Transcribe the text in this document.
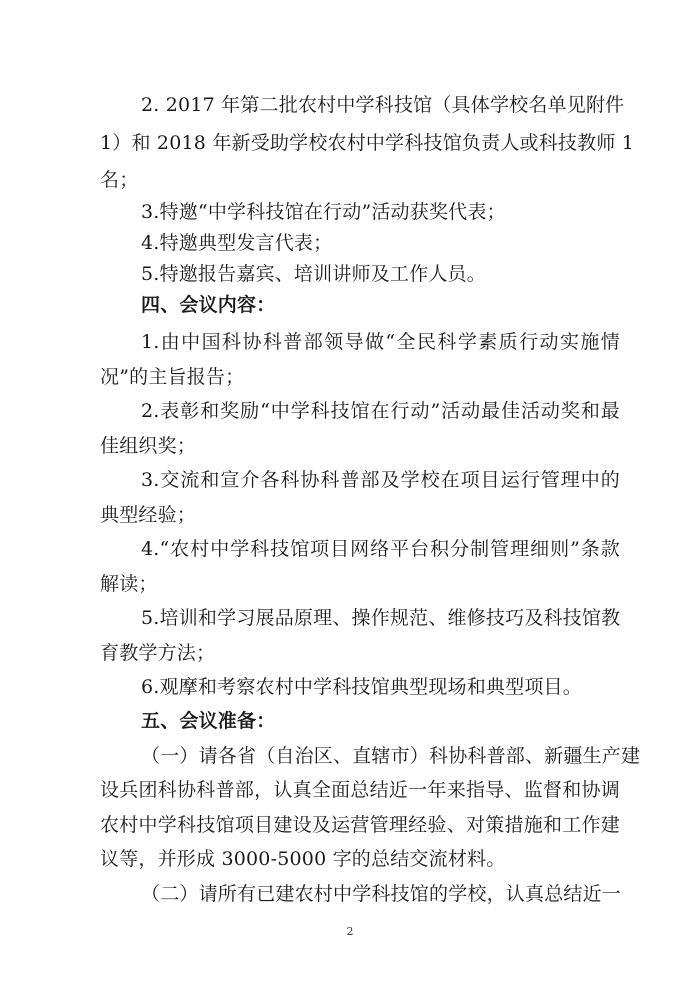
2. 2017 年第二批农村中学科技馆（具体学校名单见附件
1）和 2018 年新受助学校农村中学科技馆负责人或科技教师 1
名；
3.特邀“中学科技馆在行动”活动获奖代表；
4.特邀典型发言代表；
5.特邀报告嘉宾、培训讲师及工作人员。
四、会议内容：
1.由中国科协科普部领导做“全民科学素质行动实施情
况”的主旨报告；
2.表彰和奖励“中学科技馆在行动”活动最佳活动奖和最
佳组织奖；
3.交流和宣介各科协科普部及学校在项目运行管理中的
典型经验；
4.“农村中学科技馆项目网络平台积分制管理细则”条款
解读；
5.培训和学习展品原理、操作规范、维修技巧及科技馆教
育教学方法；
6.观摩和考察农村中学科技馆典型现场和典型项目。
五、会议准备：
（一）请各省（自治区、直辖市）科协科普部、新疆生产建
设兵团科协科普部，认真全面总结近一年来指导、监督和协调
农村中学科技馆项目建设及运营管理经验、对策措施和工作建
议等，并形成 3000-5000 字的总结交流材料。
（二）请所有已建农村中学科技馆的学校，认真总结近一
2
